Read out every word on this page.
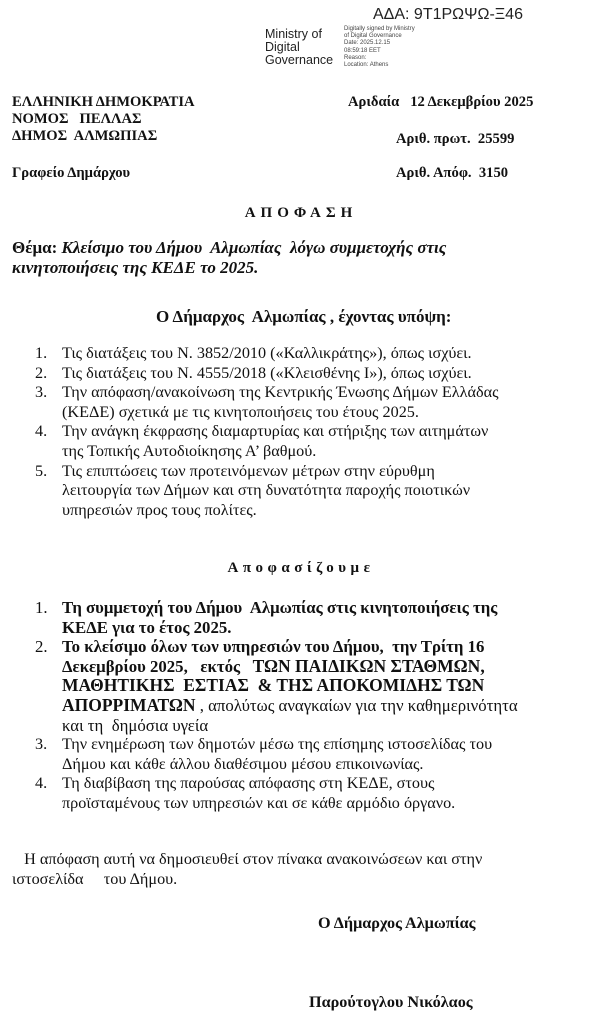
ΑΔΑ: 9Τ1ΡΩΨΩ-Ξ46
Ministry of
Digital
Governance
Digitally signed by Ministry
of Digital Governance
Date: 2025.12.15
08:59:18 EET
Reason:
Location: Athens
ΕΛΛΗΝΙΚΗ ΔΗΜΟΚΡΑΤΙΑ
ΝΟΜΟΣ   ΠΕΛΛΑΣ
ΔΗΜΟΣ  ΑΛΜΩΠΙΑΣ
Γραφείο Δημάρχου
Αριδαία   12 Δεκεμβρίου 2025
Αριθ. πρωτ.  25599
Αριθ. Απόφ.  3150
ΑΠΟΦΑΣΗ
Θέμα: Κλείσιμο του Δήμου  Αλμωπίας  λόγω συμμετοχής στις
κινητοποιήσεις της ΚΕΔΕ το 2025.
Ο Δήμαρχος  Αλμωπίας , έχοντας υπόψη:
1. Τις διατάξεις του Ν. 3852/2010 («Καλλικράτης»), όπως ισχύει.
2. Τις διατάξεις του Ν. 4555/2018 («Κλεισθένης Ι»), όπως ισχύει.
3. Την απόφαση/ανακοίνωση της Κεντρικής Ένωσης Δήμων Ελλάδας
(ΚΕΔΕ) σχετικά με τις κινητοποιήσεις του έτους 2025.
4. Την ανάγκη έκφρασης διαμαρτυρίας και στήριξης των αιτημάτων
της Τοπικής Αυτοδιοίκησης Α’ βαθμού.
5. Τις επιπτώσεις των προτεινόμενων μέτρων στην εύρυθμη
λειτουργία των Δήμων και στη δυνατότητα παροχής ποιοτικών
υπηρεσιών προς τους πολίτες.
Αποφασίζουμε
1. Τη συμμετοχή του Δήμου  Αλμωπίας στις κινητοποιήσεις της
ΚΕΔΕ για το έτος 2025.
2. Το κλείσιμο όλων των υπηρεσιών του Δήμου,  την Τρίτη 16
Δεκεμβρίου 2025,   εκτός   ΤΩΝ ΠΑΙΔΙΚΩΝ ΣΤΑΘΜΩΝ,
ΜΑΘΗΤΙΚΗΣ  ΕΣΤΙΑΣ  & ΤΗΣ ΑΠΟΚΟΜΙΔΗΣ ΤΩΝ
ΑΠΟΡΡΙΜΑΤΩΝ , απολύτως αναγκαίων για την καθημερινότητα
και τη  δημόσια υγεία
3. Την ενημέρωση των δημοτών μέσω της επίσημης ιστοσελίδας του
Δήμου και κάθε άλλου διαθέσιμου μέσου επικοινωνίας.
4. Τη διαβίβαση της παρούσας απόφασης στη ΚΕΔΕ, στους
προϊσταμένους των υπηρεσιών και σε κάθε αρμόδιο όργανο.
Η απόφαση αυτή να δημοσιευθεί στον πίνακα ανακοινώσεων και στην
ιστοσελίδα     του Δήμου.
Ο Δήμαρχος Αλμωπίας
Παρούτογλου Νικόλαος
